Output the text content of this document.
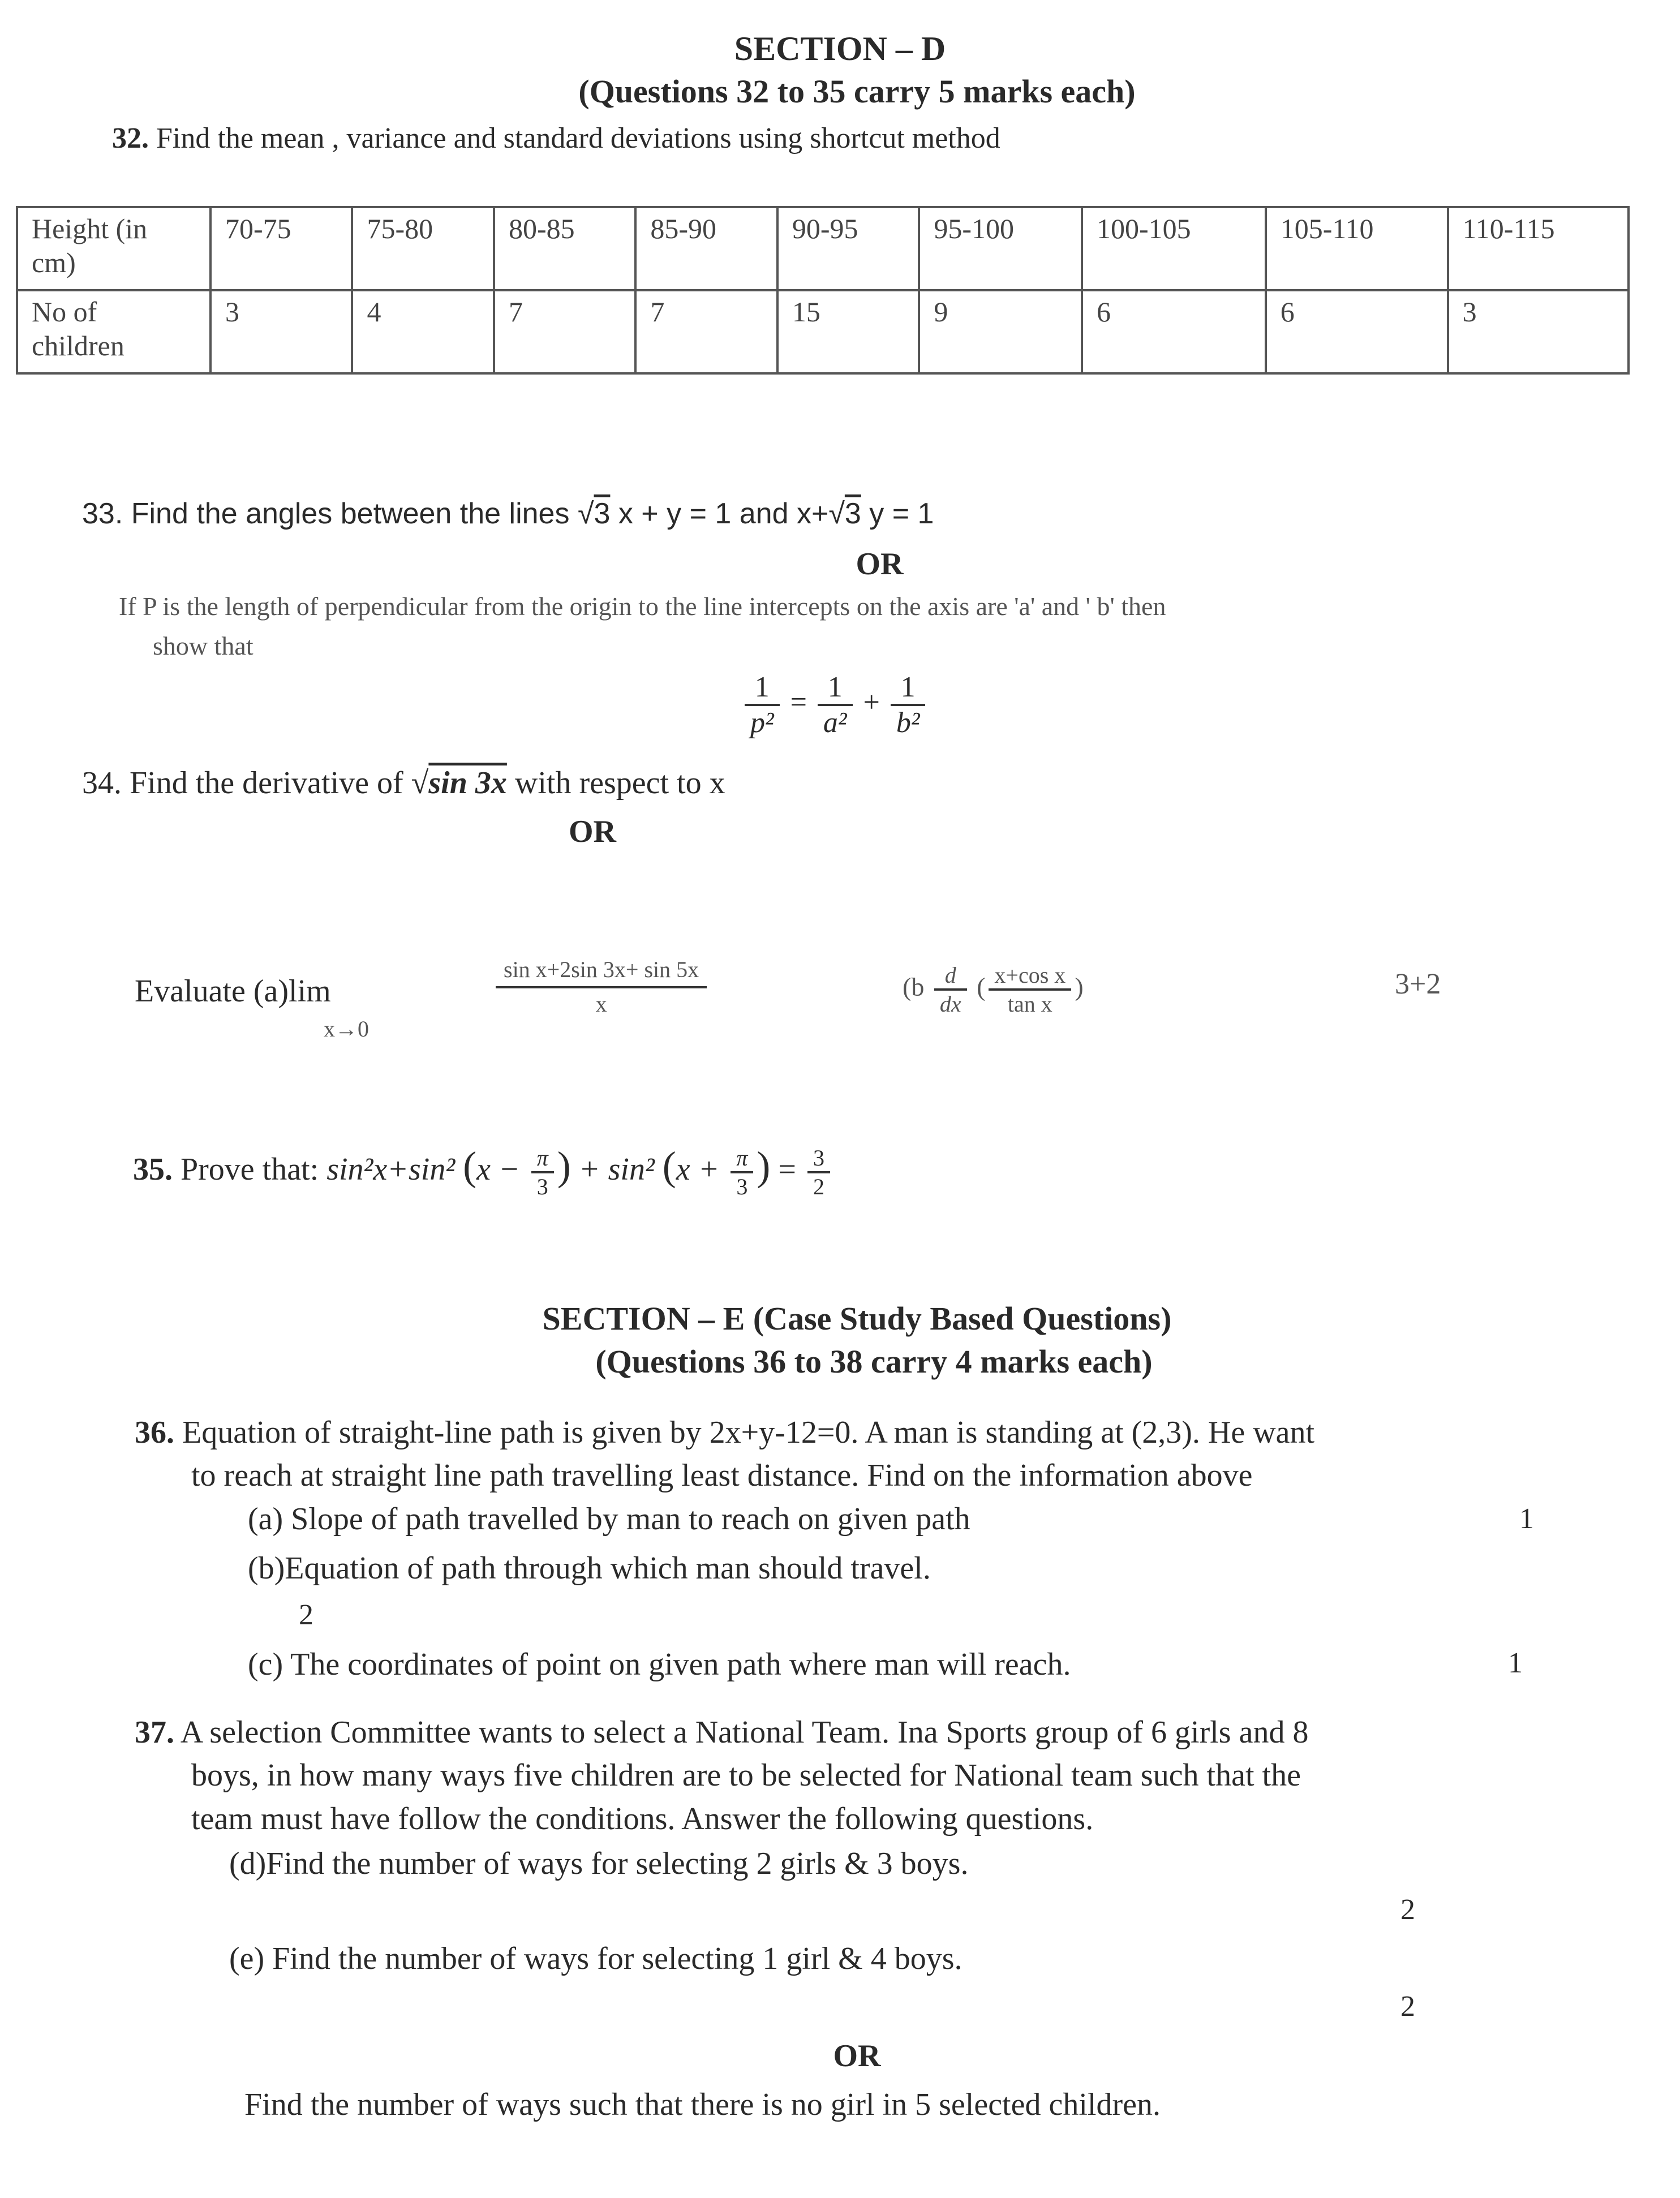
SECTION – D
(Questions 32 to 35 carry 5 marks each)
32. Find the mean , variance and standard deviations using shortcut method
Height (in cm)	70-75	75-80	80-85	85-90	90-95	95-100	100-105	105-110	110-115
No of children	3	4	7	7	15	9	6	6	3
33. Find the angles between the lines √3 x + y = 1 and x+√3 y = 1
OR
If P is the length of perpendicular from the origin to the line intercepts on the axis are 'a' and ' b' then
show that
$\frac{1}{\text{p²}} = \frac{1}{\text{a²}} + \frac{1}{\text{b²}}$
34. Find the derivative of √sin 3x with respect to x
OR
Evaluate (a)lim
x→0
$\frac{\text{sin x+2sin 3x+ sin 5x}}{x}$	($b \frac{d}{dx}$ ( $\frac{\text{x+cos x}}{\text{tan x}}$ )	3+2
35. Prove that: sin²x+sin² ($x - \frac{\pi}{3}$ ) + sin² ($x + \frac{\pi}{3}$ ) = $\frac{3}{2}$
SECTION – E (Case Study Based Questions)
(Questions 36 to 38 carry 4 marks each)
36. Equation of straight-line path is given by 2x+y-12=0. A man is standing at (2,3). He want
to reach at straight line path travelling least distance. Find on the information above
(a) Slope of path travelled by man to reach on given path	1
(b)Equation of path through which man should travel.
2
(c) The coordinates of point on given path where man will reach.	1
37. A selection Committee wants to select a National Team. Ina Sports group of 6 girls and 8
boys, in how many ways five children are to be selected for National team such that the
team must have follow the conditions. Answer the following questions.
(d)Find the number of ways for selecting 2 girls & 3 boys.
2
(e) Find the number of ways for selecting 1 girl & 4 boys.
2
OR
Find the number of ways such that there is no girl in 5 selected children.
